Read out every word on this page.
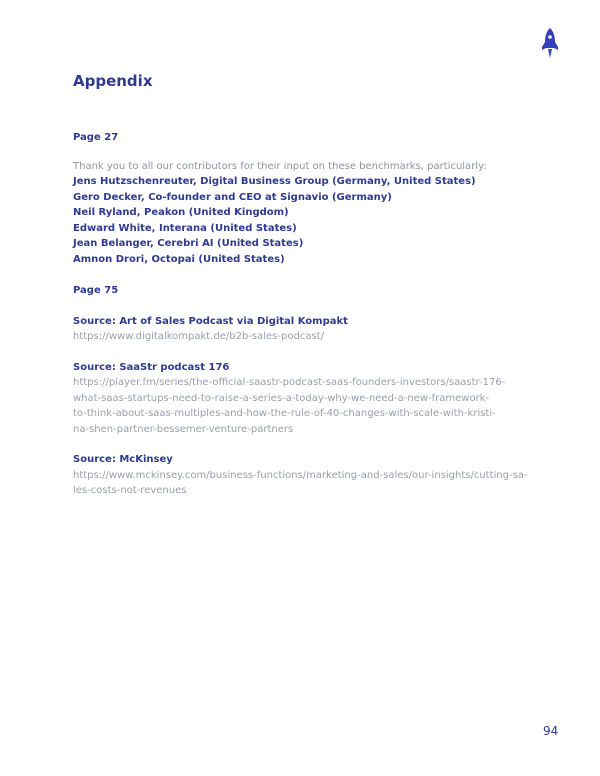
Appendix
Page 27
Thank you to all our contributors for their input on these benchmarks, particularly:
Jens Hutzschenreuter, Digital Business Group (Germany, United States)
Gero Decker, Co-founder and CEO at Signavio (Germany)
Neil Ryland, Peakon (United Kingdom)
Edward White, Interana (United States)
Jean Belanger, Cerebri AI (United States)
Amnon Drori, Octopai (United States)
Page 75
Source: Art of Sales Podcast via Digital Kompakt
https://www.digitalkompakt.de/b2b-sales-podcast/
Source: SaaStr podcast 176
https://player.fm/series/the-official-saastr-podcast-saas-founders-investors/saastr-176-
what-saas-startups-need-to-raise-a-series-a-today-why-we-need-a-new-framework-
to-think-about-saas-multiples-and-how-the-rule-of-40-changes-with-scale-with-kristi-
na-shen-partner-bessemer-venture-partners
Source: McKinsey
https://www.mckinsey.com/business-functions/marketing-and-sales/our-insights/cutting-sa-
les-costs-not-revenues
94
